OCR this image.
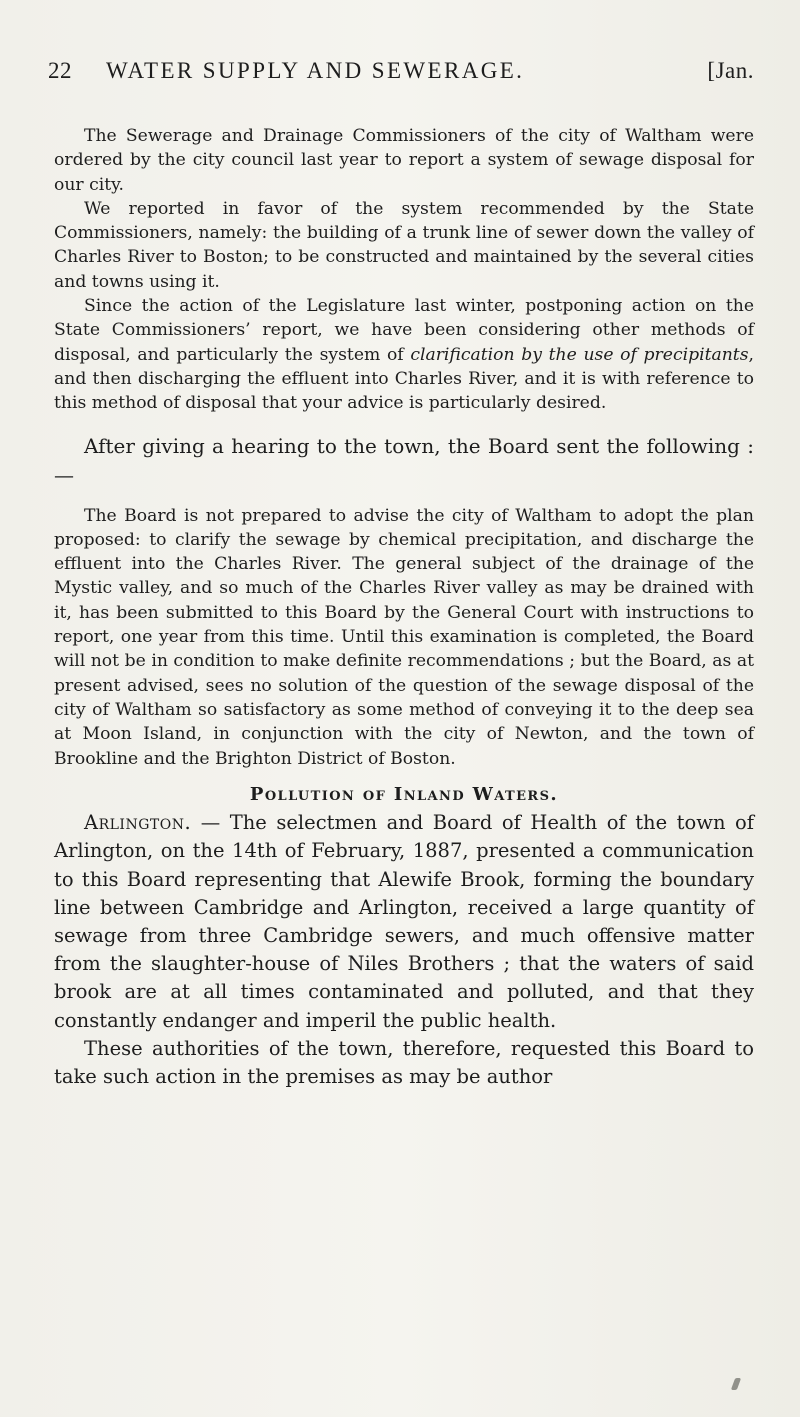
22 WATER SUPPLY AND SEWERAGE.	[Jan.

The Sewerage and Drainage Commissioners of the city of Waltham were ordered by the city council last year to report a system of sewage disposal for our city.

We reported in favor of the system recommended by the State Commissioners, namely: the building of a trunk line of sewer down the valley of Charles River to Boston; to be constructed and maintained by the several cities and towns using it.

Since the action of the Legislature last winter, postponing action on the State Commissioners’ report, we have been considering other methods of disposal, and particularly the system of clarification by the use of precipitants, and then discharging the effluent into Charles River, and it is with reference to this method of disposal that your advice is particularly desired.

After giving a hearing to the town, the Board sent the following : —

The Board is not prepared to advise the city of Waltham to adopt the plan proposed: to clarify the sewage by chemical precipitation, and discharge the effluent into the Charles River. The general subject of the drainage of the Mystic valley, and so much of the Charles River valley as may be drained with it, has been submitted to this Board by the General Court with instructions to report, one year from this time. Until this examination is completed, the Board will not be in condition to make definite recommendations ; but the Board, as at present advised, sees no solution of the question of the sewage disposal of the city of Waltham so satisfactory as some method of conveying it to the deep sea at Moon Island, in conjunction with the city of Newton, and the town of Brookline and the Brighton District of Boston.

Pollution of Inland Waters.

Arlington. — The selectmen and Board of Health of the town of Arlington, on the 14th of February, 1887, presented a communication to this Board representing that Alewife Brook, forming the boundary line between Cambridge and Arlington, received a large quantity of sewage from three Cambridge sewers, and much offensive matter from the slaughter-house of Niles Brothers ; that the waters of said brook are at all times contaminated and polluted, and that they constantly endanger and imperil the public health.

These authorities of the town, therefore, requested this Board to take such action in the premises as may be author
